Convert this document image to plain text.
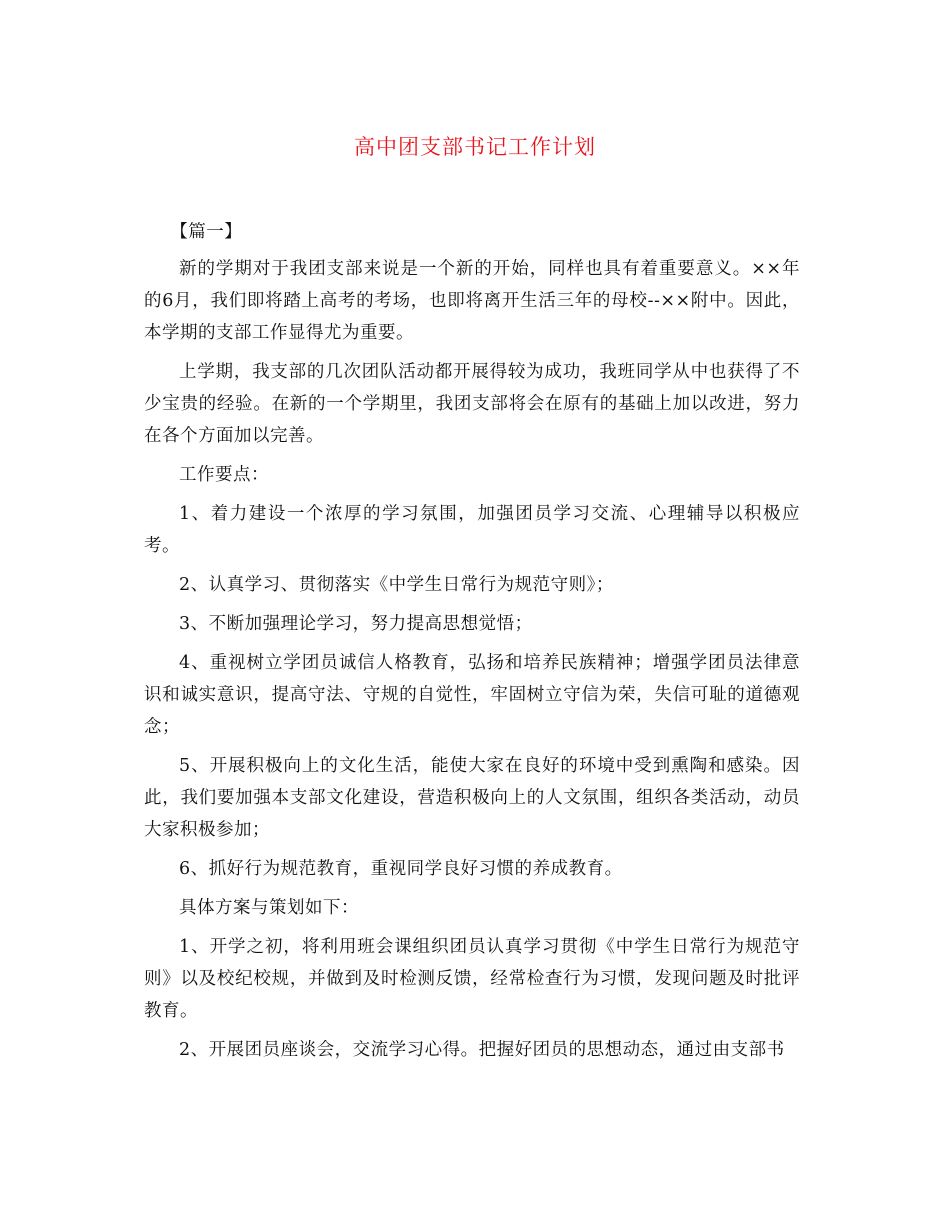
高中团支部书记工作计划

【篇一】

新的学期对于我团支部来说是一个新的开始，同样也具有着重要意义。××年的6月，我们即将踏上高考的考场，也即将离开生活三年的母校--××附中。因此，本学期的支部工作显得尤为重要。

上学期，我支部的几次团队活动都开展得较为成功，我班同学从中也获得了不少宝贵的经验。在新的一个学期里，我团支部将会在原有的基础上加以改进，努力在各个方面加以完善。

工作要点：

1、着力建设一个浓厚的学习氛围，加强团员学习交流、心理辅导以积极应考。

2、认真学习、贯彻落实《中学生日常行为规范守则》；

3、不断加强理论学习，努力提高思想觉悟；

4、重视树立学团员诚信人格教育，弘扬和培养民族精神；增强学团员法律意识和诚实意识，提高守法、守规的自觉性，牢固树立守信为荣，失信可耻的道德观念；

5、开展积极向上的文化生活，能使大家在良好的环境中受到熏陶和感染。因此，我们要加强本支部文化建设，营造积极向上的人文氛围，组织各类活动，动员大家积极参加；

6、抓好行为规范教育，重视同学良好习惯的养成教育。

具体方案与策划如下：

1、开学之初，将利用班会课组织团员认真学习贯彻《中学生日常行为规范守则》以及校纪校规，并做到及时检测反馈，经常检查行为习惯，发现问题及时批评教育。

2、开展团员座谈会，交流学习心得。把握好团员的思想动态，通过由支部书
